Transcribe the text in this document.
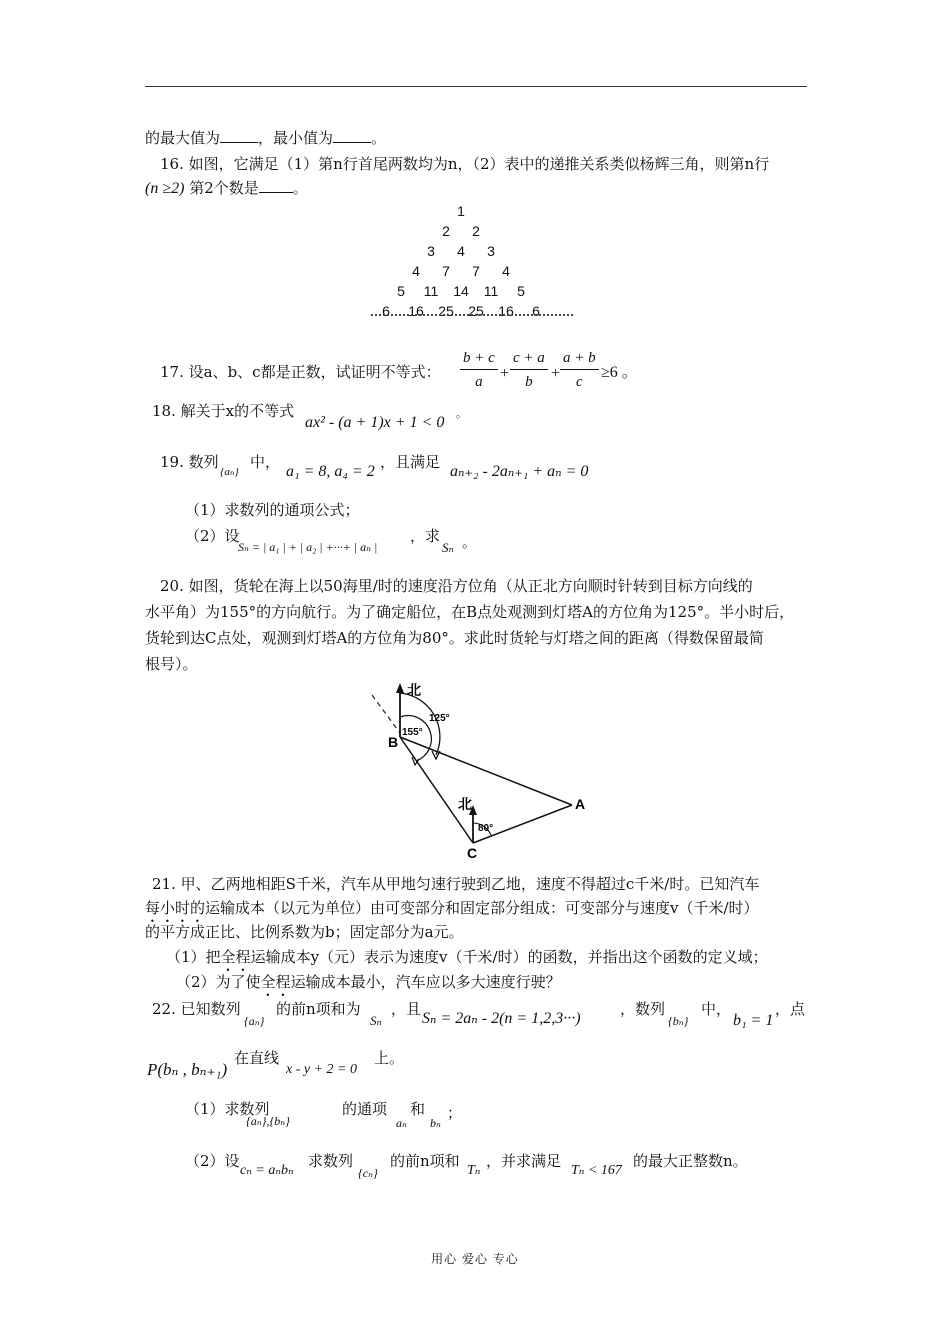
的最大值为	，最小值为	。
16. 如图，它满足（1）第n行首尾两数均为n，（2）表中的递推关系类似杨辉三角，则第n行
(n ≥2) 第2个数是 。
1
2	2
3	4	3
4	7	7	4
5	11	14	11	5
6	16	25	25	16	6
17. 设a、b、c都是正数，试证明不等式： $\frac{b + c}{a} + \frac{c + a}{b} + \frac{a + b}{c} \ge 6$ 。
18. 解关于x的不等式
ax² - (a + 1)x + 1 < 0
。
19. 数列
{aₙ}
中，
a₁ = 8, a₄ = 2
，且满足
aₙ₊₂ - 2aₙ₊₁ + aₙ = 0
（1）求数列的通项公式；
（2）设
Sₙ = | a₁ | + | a₂ | +···+ | aₙ |
，求
Sₙ 。
20. 如图，货轮在海上以50海里/时的速度沿方位角（从正北方向顺时针转到目标方向线的
水平角）为155°的方向航行。为了确定船位，在B点处观测到灯塔A的方位角为125°。半小时后，
货轮到达C点处，观测到灯塔A的方位角为80°。求此时货轮与灯塔之间的距离（得数保留最简
根号）。
北
125°
155°
B
北
80°
C
A
21. 甲、乙两地相距S千米，汽车从甲地匀速行驶到乙地，速度不得超过c千米/时。已知汽车
每小时的运输成本（以元为单位）由可变部分和固定部分组成：可变部分与速度v（千米/时）
的平方成正比、比例系数为b；固定部分为a元。
（1）把全程运输成本y（元）表示为速度v（千米/时）的函数，并指出这个函数的定义域；
（2）为了使全程运输成本最小，汽车应以多大速度行驶？
22. 已知数列
{aₙ}
的前n项和为
Sₙ
，且
Sₙ = 2aₙ - 2(n = 1,2,3···)
，数列
{bₙ}
中，
b₁ = 1
，点
P(bₙ , bₙ₊₁)
在直线
x - y + 2 = 0
上。
（1）求数列
{aₙ},{bₙ}
的通项
aₙ
和
bₙ
；
（2）设
cₙ = aₙbₙ
求数列
{cₙ}
的前n项和
Tₙ
，并求满足
Tₙ < 167
的最大正整数n。
用心 爱心 专心
